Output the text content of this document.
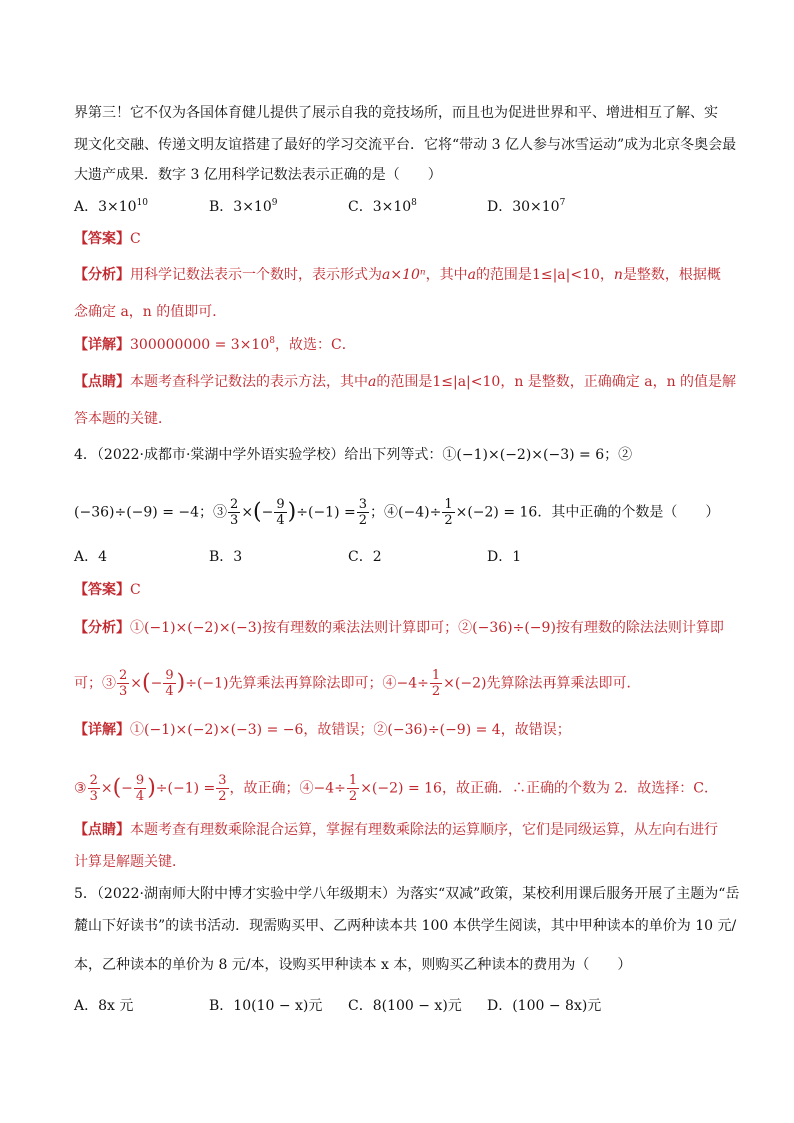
界第三！它不仅为各国体育健儿提供了展示自我的竞技场所，而且也为促进世界和平、增进相互了解、实
现文化交融、传递文明友谊搭建了最好的学习交流平台．它将“带动 3 亿人参与冰雪运动”成为北京冬奥会最
大遗产成果．数字 3 亿用科学记数法表示正确的是（　　）
A．$3\times 10^{10}$	B．$3\times 10^9$	C．$3\times 10^8$	D．$30\times 10^7$
【答案】C
【分析】用科学记数法表示一个数时，表示形式为a×10ⁿ，其中a的范围是1≤|a|<10，n是整数，根据概
念确定 a，n 的值即可．
【详解】$300000000 = 3\times 10^8$，故选：C．
【点睛】本题考查科学记数法的表示方法，其中a的范围是1≤|a|<10，n 是整数，正确确定 a，n 的值是解
答本题的关键．
4．（2022·成都市·棠湖中学外语实验学校）给出下列等式：①(−1)×(−2)×(−3) = 6；②
(−36)÷(−9) = −4；③ $\frac{2}{3}$ ×(− $\frac{9}{4} )\div(-1) = \frac{3}{2}$ ；④(−4)÷ $\frac{1}{2} \times(-2) = 16$．其中正确的个数是（　　）
A．4	B．3	C．2	D．1
【答案】C
【分析】①(−1)×(−2)×(−3)按有理数的乘法法则计算即可；②(−36)÷(−9)按有理数的除法法则计算即
可；③ $\frac{2}{3}$ ×(− $\frac{9}{4} )\div(-1)$先算乘法再算除法即可；④−4÷ $\frac{1}{2} \times(-2)$先算除法再算乘法即可．
【详解】①(−1)×(−2)×(−3) = −6，故错误；②(−36)÷(−9) = 4，故错误；
③ $\frac{2}{3}$ ×(− $\frac{9}{4} )\div(-1) = \frac{3}{2}$ ，故正确；④−4÷ $\frac{1}{2} \times(-2) = 16$，故正确．∴正确的个数为 2．故选择：C．
【点睛】本题考查有理数乘除混合运算，掌握有理数乘除法的运算顺序，它们是同级运算，从左向右进行
计算是解题关键．
5．（2022·湖南师大附中博才实验中学八年级期末）为落实“双减”政策，某校利用课后服务开展了主题为“岳
麓山下好读书”的读书活动．现需购买甲、乙两种读本共 100 本供学生阅读，其中甲种读本的单价为 10 元/
本，乙种读本的单价为 8 元/本，设购买甲种读本 x 本，则购买乙种读本的费用为（　　）
A．8x 元	B．10(10 − x)元 C．8(100 − x)元 D．(100 − 8x)元
